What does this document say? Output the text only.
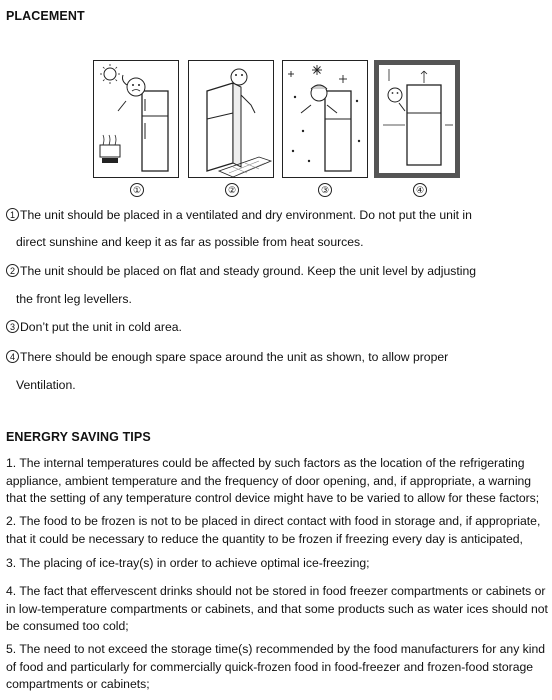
PLACEMENT
①	②	③	④
1 The unit should be placed in a ventilated and dry environment. Do not put the unit in
direct sunshine and keep it as far as possible from heat sources.
2 The unit should be placed on flat and steady ground. Keep the unit level by adjusting
the front leg levellers.
3 Don’t put the unit in cold area.
4 There should be enough spare space around the unit as shown, to allow proper
Ventilation.
ENERGRY SAVING TIPS
1. The internal temperatures could be affected by such factors as the location of the refrigerating appliance, ambient temperature and the frequency of door opening, and, if appropriate, a warning that the setting of any temperature control device might have to be varied to allow for these factors;
2. The food to be frozen is not to be placed in direct contact with food in storage and, if appropriate, that it could be necessary to reduce the quantity to be frozen if freezing every day is anticipated,
3. The placing of ice-tray(s) in order to achieve optimal ice-freezing;
4. The fact that effervescent drinks should not be stored in food freezer compartments or cabinets or in low-temperature compartments or cabinets, and that some products such as water ices should not be consumed too cold;
5. The need to not exceed the storage time(s) recommended by the food manufacturers for any kind of food and particularly for commercially quick-frozen food in food-freezer and frozen-food storage compartments or cabinets;
